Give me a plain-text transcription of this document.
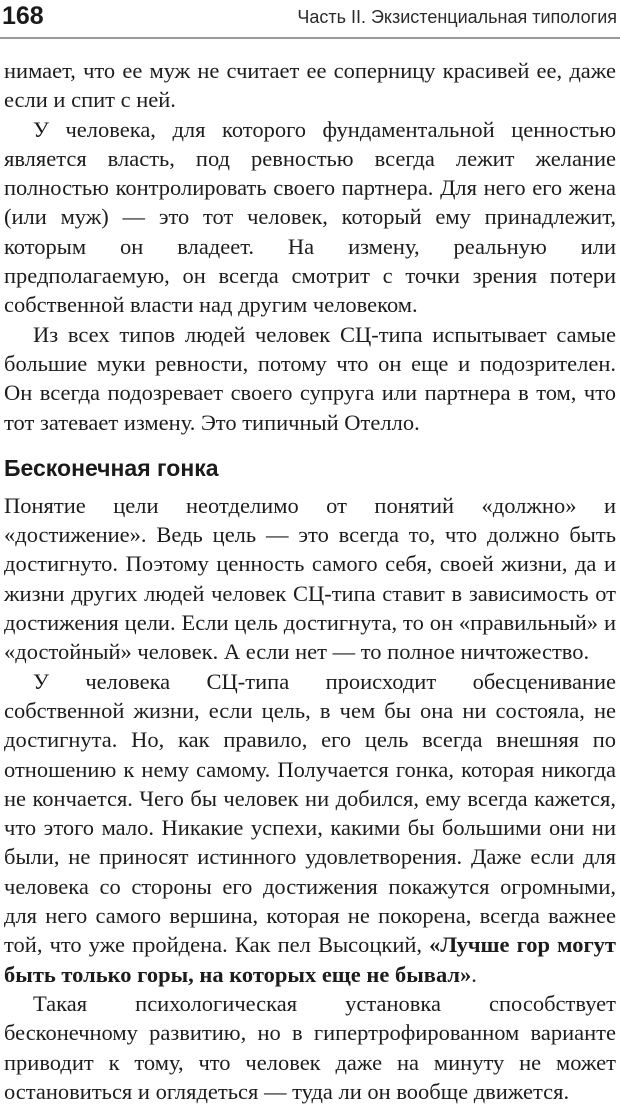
168	Часть II. Экзистенциальная типология

нимает, что ее муж не считает ее соперницу красивей ее, даже если и спит с ней.

У человека, для которого фундаментальной ценностью является власть, под ревностью всегда лежит желание полностью контролировать своего партнера. Для него его жена (или муж) — это тот человек, который ему принадлежит, которым он владеет. На измену, реальную или предполагаемую, он всегда смотрит с точки зрения потери собственной власти над другим человеком.

Из всех типов людей человек СЦ-типа испытывает самые большие муки ревности, потому что он еще и подозрителен. Он всегда подозревает своего супруга или партнера в том, что тот затевает измену. Это типичный Отелло.

Бесконечная гонка

Понятие цели неотделимо от понятий «должно» и «достижение». Ведь цель — это всегда то, что должно быть достигнуто. Поэтому ценность самого себя, своей жизни, да и жизни других людей человек СЦ-типа ставит в зависимость от достижения цели. Если цель достигнута, то он «правильный» и «достойный» человек. А если нет — то полное ничтожество.

У человека СЦ-типа происходит обесценивание собственной жизни, если цель, в чем бы она ни состояла, не достигнута. Но, как правило, его цель всегда внешняя по отношению к нему самому. Получается гонка, которая никогда не кончается. Чего бы человек ни добился, ему всегда кажется, что этого мало. Никакие успехи, какими бы большими они ни были, не приносят истинного удовлетворения. Даже если для человека со стороны его достижения покажутся огромными, для него самого вершина, которая не покорена, всегда важнее той, что уже пройдена. Как пел Высоцкий, «Лучше гор могут быть только горы, на которых еще не бывал».

Такая психологическая установка способствует бесконечному развитию, но в гипертрофированном варианте приводит к тому, что человек даже на минуту не может остановиться и оглядеться — туда ли он вообще движется.
